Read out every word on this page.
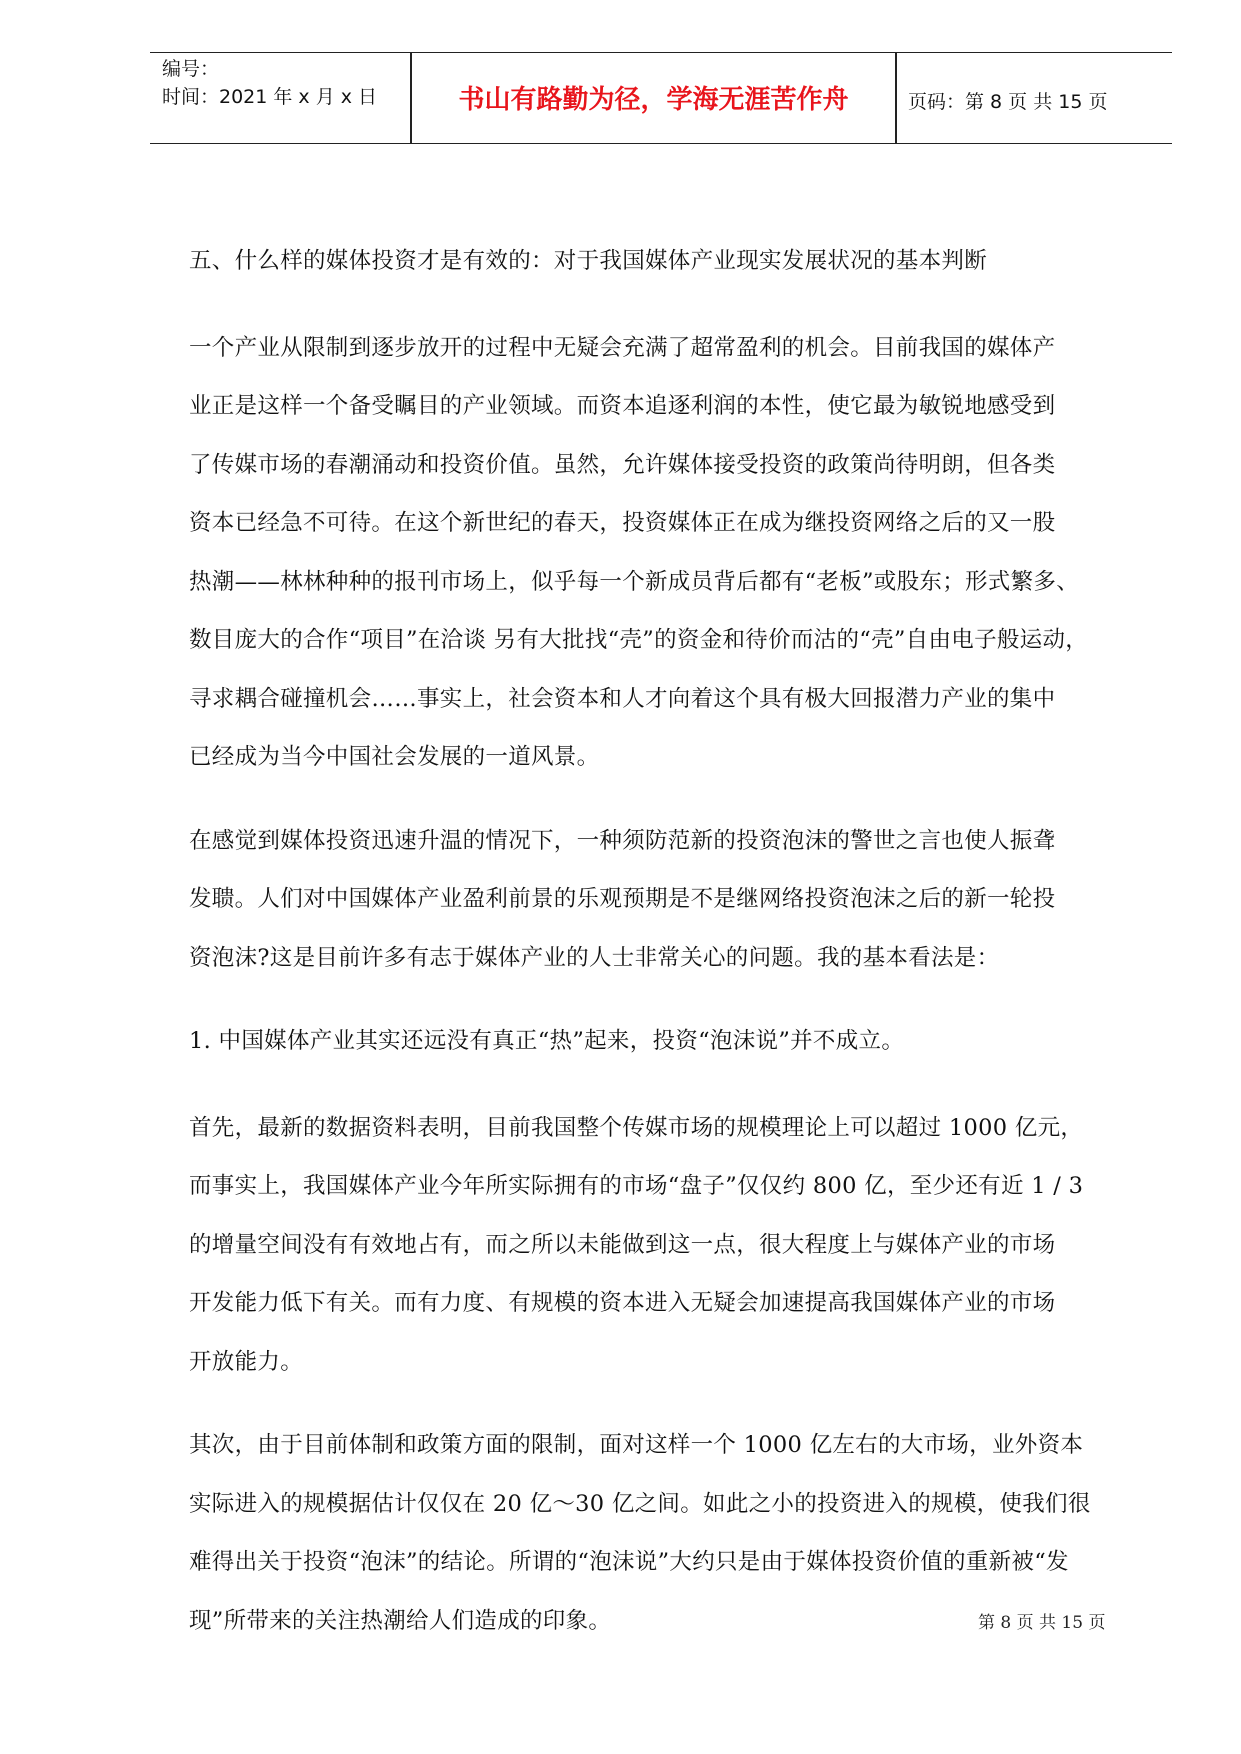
编号：
时间：2021 年 x 月 x 日	书山有路勤为径，学海无涯苦作舟	页码：第 8 页 共 15 页

五、什么样的媒体投资才是有效的：对于我国媒体产业现实发展状况的基本判断

一个产业从限制到逐步放开的过程中无疑会充满了超常盈利的机会。目前我国的媒体产
业正是这样一个备受瞩目的产业领域。而资本追逐利润的本性，使它最为敏锐地感受到
了传媒市场的春潮涌动和投资价值。虽然，允许媒体接受投资的政策尚待明朗，但各类
资本已经急不可待。在这个新世纪的春天，投资媒体正在成为继投资网络之后的又一股
热潮——林林种种的报刊市场上，似乎每一个新成员背后都有“老板”或股东；形式繁多、
数目庞大的合作“项目”在洽谈 另有大批找“壳”的资金和待价而沽的“壳”自由电子般运动，
寻求耦合碰撞机会……事实上，社会资本和人才向着这个具有极大回报潜力产业的集中
已经成为当今中国社会发展的一道风景。

在感觉到媒体投资迅速升温的情况下，一种须防范新的投资泡沫的警世之言也使人振聋
发聩。人们对中国媒体产业盈利前景的乐观预期是不是继网络投资泡沫之后的新一轮投
资泡沫?这是目前许多有志于媒体产业的人士非常关心的问题。我的基本看法是：

1. 中国媒体产业其实还远没有真正“热”起来，投资“泡沫说”并不成立。

首先，最新的数据资料表明，目前我国整个传媒市场的规模理论上可以超过 1000 亿元，
而事实上，我国媒体产业今年所实际拥有的市场“盘子”仅仅约 800 亿，至少还有近 1 / 3
的增量空间没有有效地占有，而之所以未能做到这一点，很大程度上与媒体产业的市场
开发能力低下有关。而有力度、有规模的资本进入无疑会加速提高我国媒体产业的市场
开放能力。

其次，由于目前体制和政策方面的限制，面对这样一个 1000 亿左右的大市场，业外资本
实际进入的规模据估计仅仅在 20 亿～30 亿之间。如此之小的投资进入的规模，使我们很
难得出关于投资“泡沫”的结论。所谓的“泡沫说”大约只是由于媒体投资价值的重新被“发
现”所带来的关注热潮给人们造成的印象。	第 8 页 共 15 页
